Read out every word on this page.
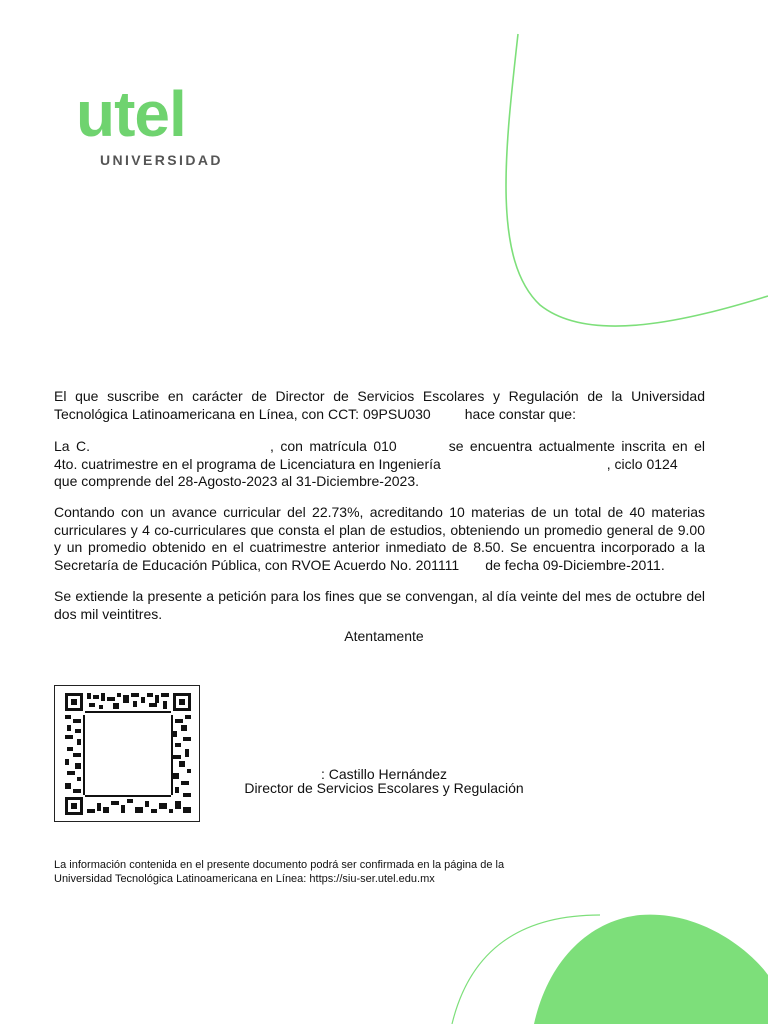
utel
UNIVERSIDAD

El que suscribe en carácter de Director de Servicios Escolares y Regulación de la Universidad Tecnológica Latinoamericana en Línea, con CCT: 09PSU030 hace constar que:

La C.	, con matrícula 010	se encuentra actualmente inscrita en el 4to. cuatrimestre en el programa de Licenciatura en Ingeniería	, ciclo 0124
que comprende del 28-Agosto-2023 al 31-Diciembre-2023.

Contando con un avance curricular del 22.73%, acreditando 10 materias de un total de 40 materias curriculares y 4 co-curriculares que consta el plan de estudios, obteniendo un promedio general de 9.00 y un promedio obtenido en el cuatrimestre anterior inmediato de 8.50. Se encuentra incorporado a la Secretaría de Educación Pública, con RVOE Acuerdo No. 201111 de fecha 09-Diciembre-2011.

Se extiende la presente a petición para los fines que se convengan, al día veinte del mes de octubre del dos mil veintitres.

Atentamente
: Castillo Hernández
Director de Servicios Escolares y Regulación
La información contenida en el presente documento podrá ser confirmada en la página de la
Universidad Tecnológica Latinoamericana en Línea: https://siu-ser.utel.edu.mx
